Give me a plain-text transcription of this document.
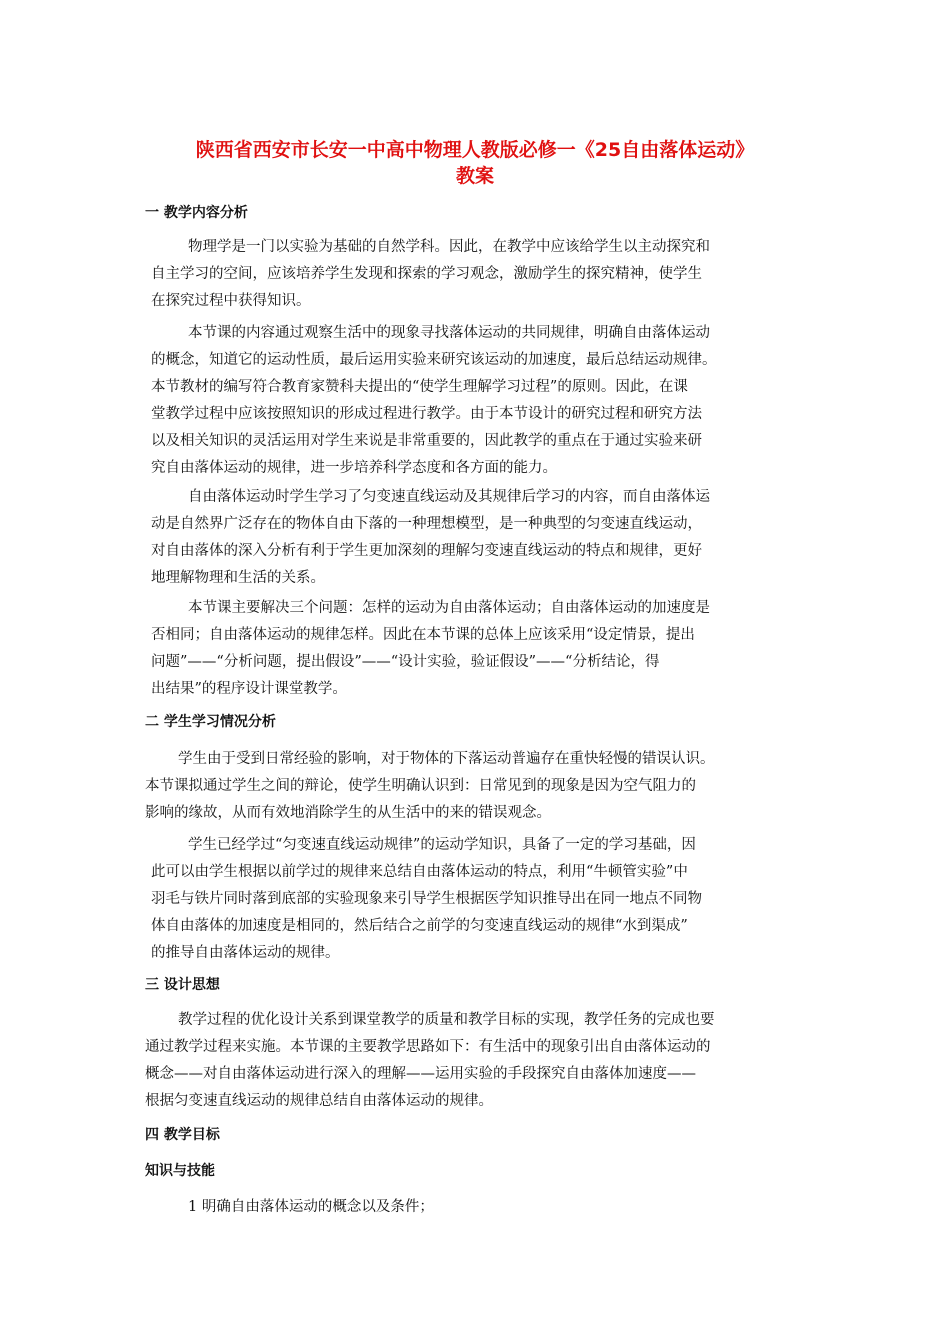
陕西省西安市长安一中高中物理人教版必修一《25自由落体运动》
教案
一 教学内容分析

物理学是一门以实验为基础的自然学科。因此，在教学中应该给学生以主动探究和
自主学习的空间，应该培养学生发现和探索的学习观念，激励学生的探究精神，使学生
在探究过程中获得知识。

本节课的内容通过观察生活中的现象寻找落体运动的共同规律，明确自由落体运动
的概念，知道它的运动性质，最后运用实验来研究该运动的加速度，最后总结运动规律。
本节教材的编写符合教育家赞科夫提出的“使学生理解学习过程”的原则。因此，在课
堂教学过程中应该按照知识的形成过程进行教学。由于本节设计的研究过程和研究方法
以及相关知识的灵活运用对学生来说是非常重要的，因此教学的重点在于通过实验来研
究自由落体运动的规律，进一步培养科学态度和各方面的能力。

自由落体运动时学生学习了匀变速直线运动及其规律后学习的内容，而自由落体运
动是自然界广泛存在的物体自由下落的一种理想模型，是一种典型的匀变速直线运动，
对自由落体的深入分析有利于学生更加深刻的理解匀变速直线运动的特点和规律，更好
地理解物理和生活的关系。

本节课主要解决三个问题：怎样的运动为自由落体运动；自由落体运动的加速度是
否相同；自由落体运动的规律怎样。因此在本节课的总体上应该采用“设定情景，提出
问题”——“分析问题，提出假设”——“设计实验，验证假设”——“分析结论，得
出结果”的程序设计课堂教学。

二 学生学习情况分析

学生由于受到日常经验的影响，对于物体的下落运动普遍存在重快轻慢的错误认识。
本节课拟通过学生之间的辩论，使学生明确认识到：日常见到的现象是因为空气阻力的
影响的缘故，从而有效地消除学生的从生活中的来的错误观念。

学生已经学过“匀变速直线运动规律”的运动学知识，具备了一定的学习基础，因
此可以由学生根据以前学过的规律来总结自由落体运动的特点，利用“牛顿管实验”中
羽毛与铁片同时落到底部的实验现象来引导学生根据医学知识推导出在同一地点不同物
体自由落体的加速度是相同的，然后结合之前学的匀变速直线运动的规律“水到渠成”
的推导自由落体运动的规律。

三 设计思想

教学过程的优化设计关系到课堂教学的质量和教学目标的实现，教学任务的完成也要
通过教学过程来实施。本节课的主要教学思路如下：有生活中的现象引出自由落体运动的
概念——对自由落体运动进行深入的理解——运用实验的手段探究自由落体加速度——
根据匀变速直线运动的规律总结自由落体运动的规律。

四 教学目标
知识与技能

1 明确自由落体运动的概念以及条件；
